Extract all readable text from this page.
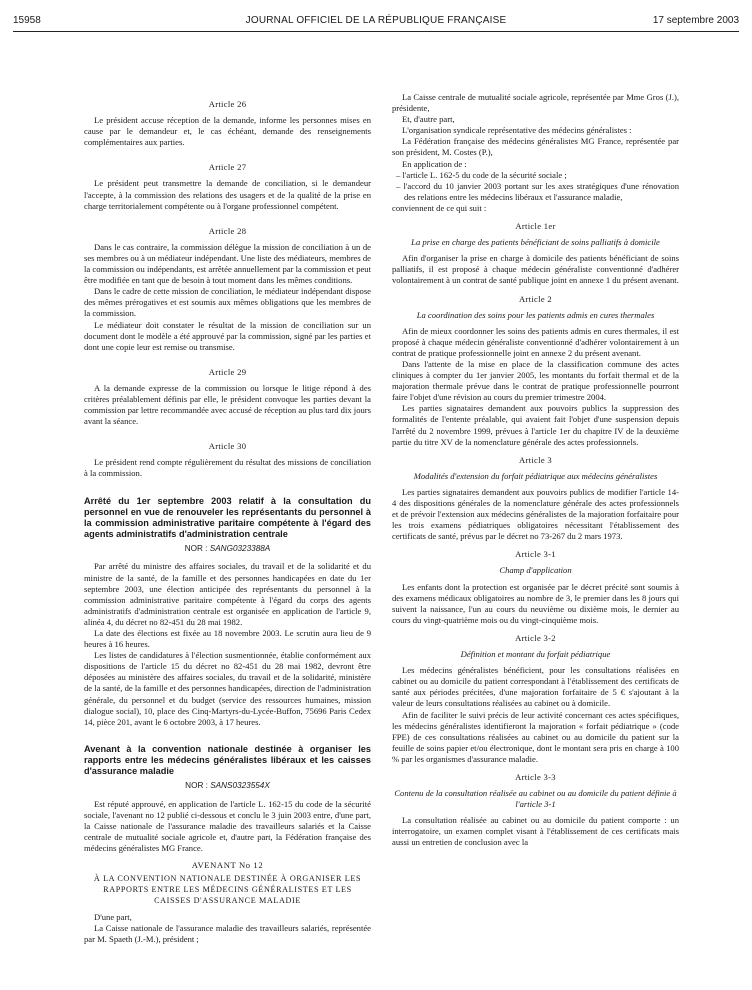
15958	JOURNAL OFFICIEL DE LA RÉPUBLIQUE FRANÇAISE	17 septembre 2003
Article 26

Le président accuse réception de la demande, informe les personnes mises en cause par le demandeur et, le cas échéant, demande des renseignements complémentaires aux parties.

Article 27

Le président peut transmettre la demande de conciliation, si le demandeur l'accepte, à la commission des relations des usagers et de la qualité de la prise en charge territorialement compétente ou à l'organe professionnel compétent.

Article 28

Dans le cas contraire, la commission délègue la mission de conciliation à un de ses membres ou à un médiateur indépendant. Une liste des médiateurs, membres de la commission ou indépendants, est arrêtée annuellement par la commission et peut être modifiée en tant que de besoin à tout moment dans les mêmes conditions.

Dans le cadre de cette mission de conciliation, le médiateur indépendant dispose des mêmes prérogatives et est soumis aux mêmes obligations que les membres de la commission.

Le médiateur doit constater le résultat de la mission de conciliation sur un document dont le modèle a été approuvé par la commission, signé par les parties et dont une copie leur est remise ou transmise.

Article 29

A la demande expresse de la commission ou lorsque le litige répond à des critères préalablement définis par elle, le président convoque les parties devant la commission par lettre recommandée avec accusé de réception au plus tard dix jours avant la séance.

Article 30

Le président rend compte régulièrement du résultat des missions de conciliation à la commission.

Arrêté du 1er septembre 2003 relatif à la consultation du personnel en vue de renouveler les représentants du personnel à la commission administrative paritaire compétente à l'égard des agents administratifs d'administration centrale
NOR : SANG0323388A

Par arrêté du ministre des affaires sociales, du travail et de la solidarité et du ministre de la santé, de la famille et des personnes handicapées en date du 1er septembre 2003, une élection anticipée des représentants du personnel à la commission administrative paritaire compétente à l'égard du corps des agents administratifs d'administration centrale est organisée en application de l'article 9, alinéa 4, du décret no 82-451 du 28 mai 1982.

La date des élections est fixée au 18 novembre 2003. Le scrutin aura lieu de 9 heures à 16 heures.

Les listes de candidatures à l'élection susmentionnée, établie conformément aux dispositions de l'article 15 du décret no 82-451 du 28 mai 1982, devront être déposées au ministère des affaires sociales, du travail et de la solidarité, ministère de la santé, de la famille et des personnes handicapées, direction de l'administration générale, du personnel et du budget (service des ressources humaines, mission dialogue social), 10, place des Cinq-Martyrs-du-Lycée-Buffon, 75696 Paris Cedex 14, pièce 201, avant le 6 octobre 2003, à 17 heures.

Avenant à la convention nationale destinée à organiser les rapports entre les médecins généralistes libéraux et les caisses d'assurance maladie
NOR : SANS0323554X

Est réputé approuvé, en application de l'article L. 162-15 du code de la sécurité sociale, l'avenant no 12 publié ci-dessous et conclu le 3 juin 2003 entre, d'une part, la Caisse nationale de l'assurance maladie des travailleurs salariés et la Caisse centrale de mutualité sociale agricole et, d'autre part, la Fédération française des médecins généralistes MG France.

AVENANT No 12
À LA CONVENTION NATIONALE DESTINÉE À ORGANISER LES RAPPORTS ENTRE LES MÉDECINS GÉNÉRALISTES ET LES CAISSES D'ASSURANCE MALADIE

D'une part,

La Caisse nationale de l'assurance maladie des travailleurs salariés, représentée par M. Spaeth (J.-M.), président ;

La Caisse centrale de mutualité sociale agricole, représentée par Mme Gros (J.), présidente,

Et, d'autre part,

L'organisation syndicale représentative des médecins généralistes :

La Fédération française des médecins généralistes MG France, représentée par son président, M. Costes (P.),

En application de :

– l'article L. 162-5 du code de la sécurité sociale ;

– l'accord du 10 janvier 2003 portant sur les axes stratégiques d'une rénovation des relations entre les médecins libéraux et l'assurance maladie,

conviennent de ce qui suit :

Article 1er
La prise en charge des patients bénéficiant de soins palliatifs à domicile

Afin d'organiser la prise en charge à domicile des patients bénéficiant de soins palliatifs, il est proposé à chaque médecin généraliste conventionné d'adhérer volontairement à un contrat de santé publique joint en annexe 1 du présent avenant.

Article 2
La coordination des soins pour les patients admis en cures thermales

Afin de mieux coordonner les soins des patients admis en cures thermales, il est proposé à chaque médecin généraliste conventionné d'adhérer volontairement à un contrat de pratique professionnelle joint en annexe 2 du présent avenant.

Dans l'attente de la mise en place de la classification commune des actes cliniques à compter du 1er janvier 2005, les montants du forfait thermal et de la majoration thermale prévue dans le contrat de pratique professionnelle pourront faire l'objet d'une révision au cours du premier trimestre 2004.

Les parties signataires demandent aux pouvoirs publics la suppression des formalités de l'entente préalable, qui avaient fait l'objet d'une suspension depuis l'arrêté du 2 novembre 1999, prévues à l'article 1er du chapitre IV de la deuxième partie du titre XV de la nomenclature générale des actes professionnels.

Article 3
Modalités d'extension du forfait pédiatrique aux médecins généralistes

Les parties signataires demandent aux pouvoirs publics de modifier l'article 14-4 des dispositions générales de la nomenclature générale des actes professionnels et de prévoir l'extension aux médecins généralistes de la majoration forfaitaire pour les trois examens pédiatriques obligatoires nécessitant l'établissement des certificats de santé, prévus par le décret no 73-267 du 2 mars 1973.

Article 3-1
Champ d'application

Les enfants dont la protection est organisée par le décret précité sont soumis à des examens médicaux obligatoires au nombre de 3, le premier dans les 8 jours qui suivent la naissance, l'un au cours du neuvième ou dixième mois, le dernier au cours du vingt-quatrième mois ou du vingt-cinquième mois.

Article 3-2
Définition et montant du forfait pédiatrique

Les médecins généralistes bénéficient, pour les consultations réalisées en cabinet ou au domicile du patient correspondant à l'établissement des certificats de santé aux périodes précitées, d'une majoration forfaitaire de 5 € s'ajoutant à la valeur de leurs consultations réalisées au cabinet ou à domicile.

Afin de faciliter le suivi précis de leur activité concernant ces actes spécifiques, les médecins généralistes identifieront la majoration « forfait pédiatrique » (code FPE) de ces consultations réalisées au cabinet ou au domicile du patient sur la feuille de soins papier et/ou électronique, dont le montant sera pris en charge à 100 % par les organismes d'assurance maladie.

Article 3-3
Contenu de la consultation réalisée au cabinet ou au domicile du patient définie à l'article 3-1

La consultation réalisée au cabinet ou au domicile du patient comporte : un interrogatoire, un examen complet visant à l'établissement de ces certificats mais aussi un entretien de conclusion avec la
